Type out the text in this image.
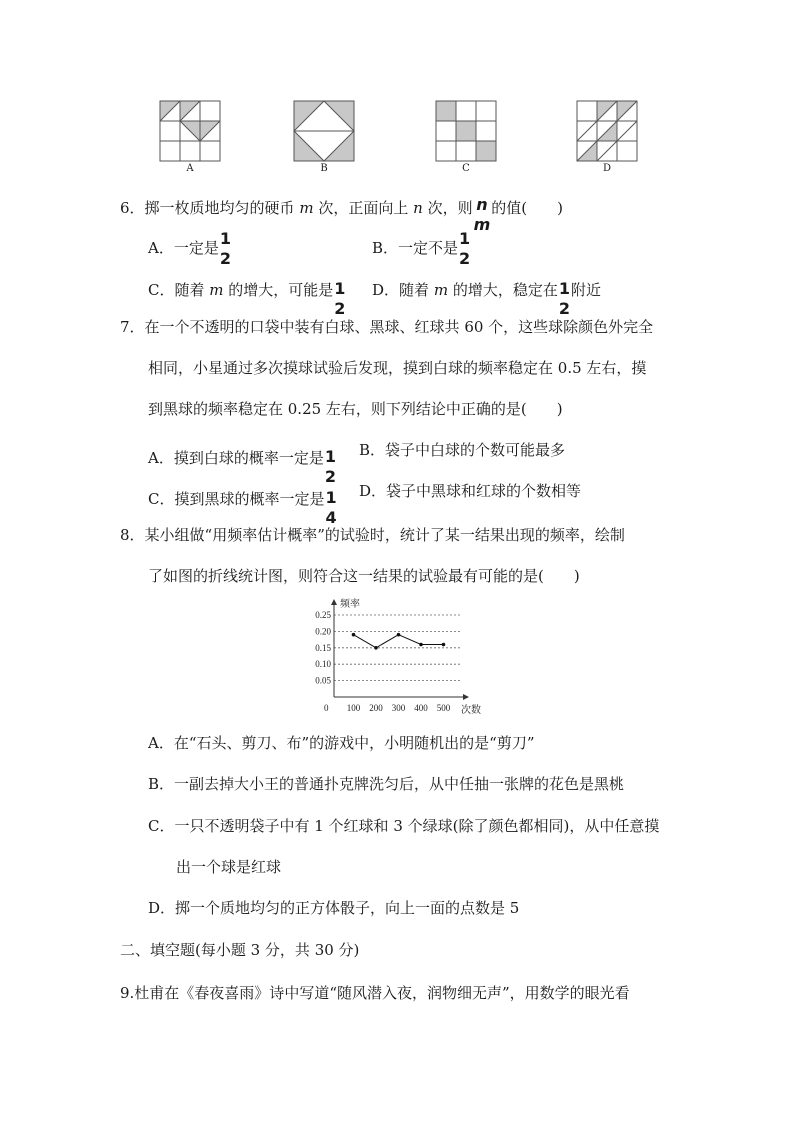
A	B	C	D
6．掷一枚质地均匀的硬币 m 次，正面向上 n 次，则 n
m
的值(　　)
A．一定是 1
2
B．一定不是 1
2
C．随着 m 的增大，可能是 1
2
D．随着 m 的增大，稳定在 1
2
附近
7．在一个不透明的口袋中装有白球、黑球、红球共 60 个，这些球除颜色外完全
相同，小星通过多次摸球试验后发现，摸到白球的频率稳定在 0.5 左右，摸
到黑球的频率稳定在 0.25 左右，则下列结论中正确的是(　　)
A．摸到白球的概率一定是 1
2
B．袋子中白球的个数可能最多
C．摸到黑球的概率一定是 1
4
D．袋子中黑球和红球的个数相等
8．某小组做“用频率估计概率”的试验时，统计了某一结果出现的频率，绘制
了如图的折线统计图，则符合这一结果的试验最有可能的是(　　)
频率
次数
0
0.05
0.10
0.15
0.20
0.25
100 200 300 400 500
A．在“石头、剪刀、布”的游戏中，小明随机出的是“剪刀”
B．一副去掉大小王的普通扑克牌洗匀后，从中任抽一张牌的花色是黑桃
C．一只不透明袋子中有 1 个红球和 3 个绿球(除了颜色都相同)，从中任意摸
出一个球是红球
D．掷一个质地均匀的正方体骰子，向上一面的点数是 5
二、填空题(每小题 3 分，共 30 分)
9.杜甫在《春夜喜雨》诗中写道“随风潜入夜，润物细无声”，用数学的眼光看
